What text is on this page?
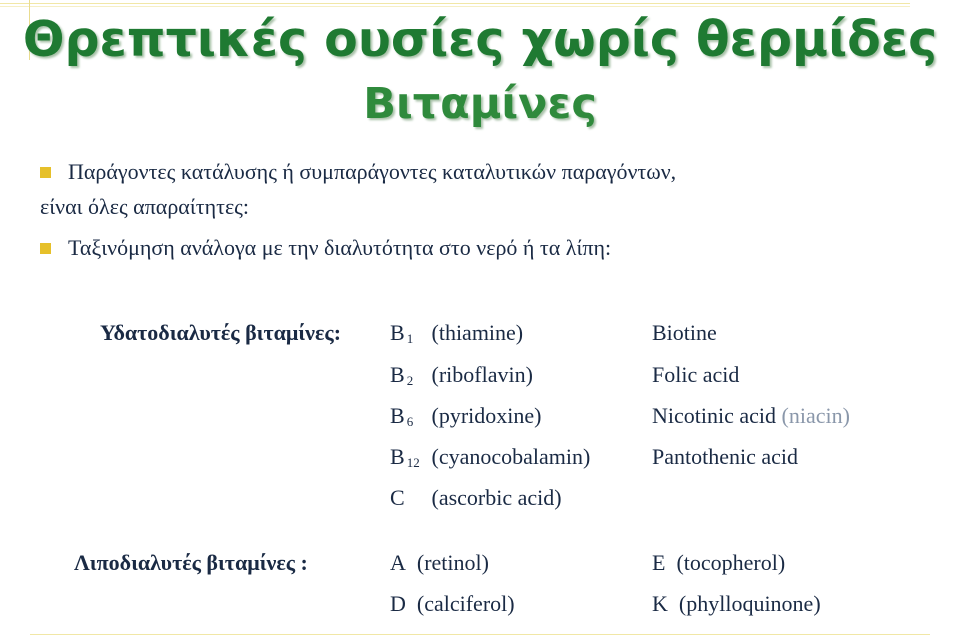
Θρεπτικές ουσίες χωρίς θερμίδες
Βιταμίνες
Παράγοντες κατάλυσης ή συμπαράγοντες καταλυτικών παραγόντων,
είναι όλες απαραίτητες:
Ταξινόμηση ανάλογα με την διαλυτότητα στο νερό ή τα λίπη:
Υδατοδιαλυτές βιταμίνες: B $_1$ (thiamine)
B $_2$ (riboflavin)
B $_6$ (pyridoxine)
B $_{12}$ (cyanocobalamin)
C (ascorbic acid)
Biotine
Folic acid
Nicotinic acid (niacin)
Pantothenic acid
Λιποδιαλυτές βιταμίνες :	A (retinol)
D (calciferol)
E (tocopherol)
K (phylloquinone)
